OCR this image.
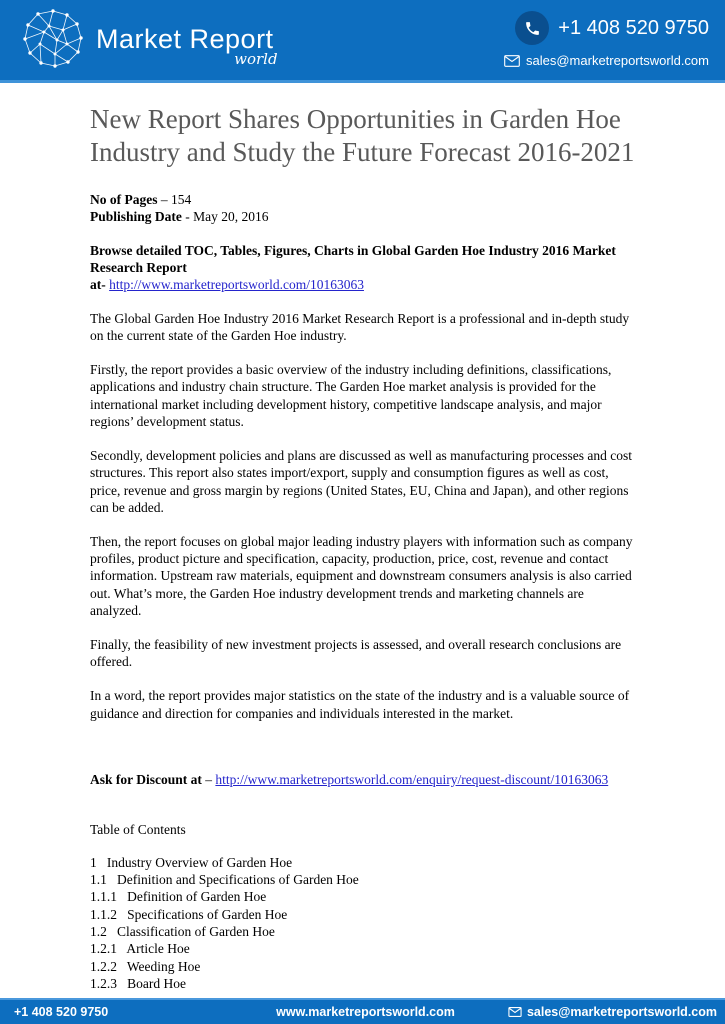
Market Report
world
+1 408 520 9750
sales@marketreportsworld.com
New Report Shares Opportunities in Garden Hoe Industry and Study the Future Forecast 2016-2021
No of Pages – 154
Publishing Date - May 20, 2016

Browse detailed TOC, Tables, Figures, Charts in Global Garden Hoe Industry 2016 Market Research Report

at- http://www.marketreportsworld.com/10163063

The Global Garden Hoe Industry 2016 Market Research Report is a professional and in-depth study on the current state of the Garden Hoe industry.

Firstly, the report provides a basic overview of the industry including definitions, classifications, applications and industry chain structure. The Garden Hoe market analysis is provided for the international market including development history, competitive landscape analysis, and major regions’ development status.

Secondly, development policies and plans are discussed as well as manufacturing processes and cost structures. This report also states import/export, supply and consumption figures as well as cost, price, revenue and gross margin by regions (United States, EU, China and Japan), and other regions can be added.

Then, the report focuses on global major leading industry players with information such as company profiles, product picture and specification, capacity, production, price, cost, revenue and contact information. Upstream raw materials, equipment and downstream consumers analysis is also carried out. What’s more, the Garden Hoe industry development trends and marketing channels are analyzed.

Finally, the feasibility of new investment projects is assessed, and overall research conclusions are offered.

In a word, the report provides major statistics on the state of the industry and is a valuable source of guidance and direction for companies and individuals interested in the market.

Ask for Discount at – http://www.marketreportsworld.com/enquiry/request-discount/10163063
Table of Contents
1   Industry Overview of Garden Hoe
1.1   Definition and Specifications of Garden Hoe
1.1.1   Definition of Garden Hoe
1.1.2   Specifications of Garden Hoe
1.2   Classification of Garden Hoe
1.2.1   Article Hoe
1.2.2   Weeding Hoe
1.2.3   Board Hoe
+1 408 520 9750	www.marketreportsworld.com	sales@marketreportsworld.com
